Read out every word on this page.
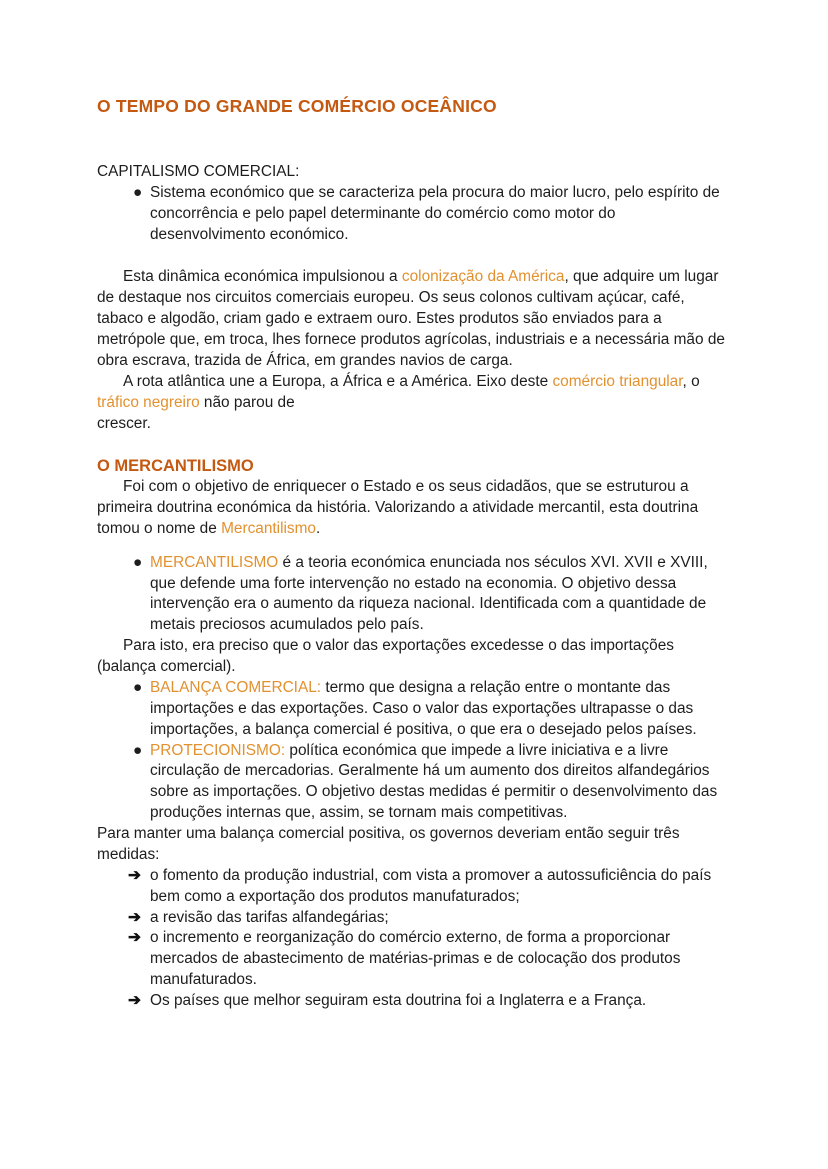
O TEMPO DO GRANDE COMÉRCIO OCEÂNICO

CAPITALISMO COMERCIAL:

● Sistema económico que se caracteriza pela procura do maior lucro, pelo espírito de concorrência e pelo papel determinante do comércio como motor do desenvolvimento económico.

Esta dinâmica económica impulsionou a colonização da América, que adquire um lugar de destaque nos circuitos comerciais europeu. Os seus colonos cultivam açúcar, café, tabaco e algodão, criam gado e extraem ouro. Estes produtos são enviados para a metrópole que, em troca, lhes fornece produtos agrícolas, industriais e a necessária mão de obra escrava, trazida de África, em grandes navios de carga.

A rota atlântica une a Europa, a África e a América. Eixo deste comércio triangular, o tráfico negreiro não parou de
crescer.

O MERCANTILISMO

Foi com o objetivo de enriquecer o Estado e os seus cidadãos, que se estruturou a primeira doutrina económica da história. Valorizando a atividade mercantil, esta doutrina tomou o nome de Mercantilismo.

● MERCANTILISMO é a teoria económica enunciada nos séculos XVI. XVII e XVIII, que defende uma forte intervenção no estado na economia. O objetivo dessa intervenção era o aumento da riqueza nacional. Identificada com a quantidade de metais preciosos acumulados pelo país.

Para isto, era preciso que o valor das exportações excedesse o das importações (balança comercial).

● BALANÇA COMERCIAL: termo que designa a relação entre o montante das importações e das exportações. Caso o valor das exportações ultrapasse o das importações, a balança comercial é positiva, o que era o desejado pelos países.
● PROTECIONISMO: política económica que impede a livre iniciativa e a livre circulação de mercadorias. Geralmente há um aumento dos direitos alfandegários sobre as importações. O objetivo destas medidas é permitir o desenvolvimento das produções internas que, assim, se tornam mais competitivas.

Para manter uma balança comercial positiva, os governos deveriam então seguir três medidas:

➔ o fomento da produção industrial, com vista a promover a autossuficiência do país bem como a exportação dos produtos manufaturados;
➔ a revisão das tarifas alfandegárias;
➔ o incremento e reorganização do comércio externo, de forma a proporcionar mercados de abastecimento de matérias-primas e de colocação dos produtos manufaturados.
➔ Os países que melhor seguiram esta doutrina foi a Inglaterra e a França.
